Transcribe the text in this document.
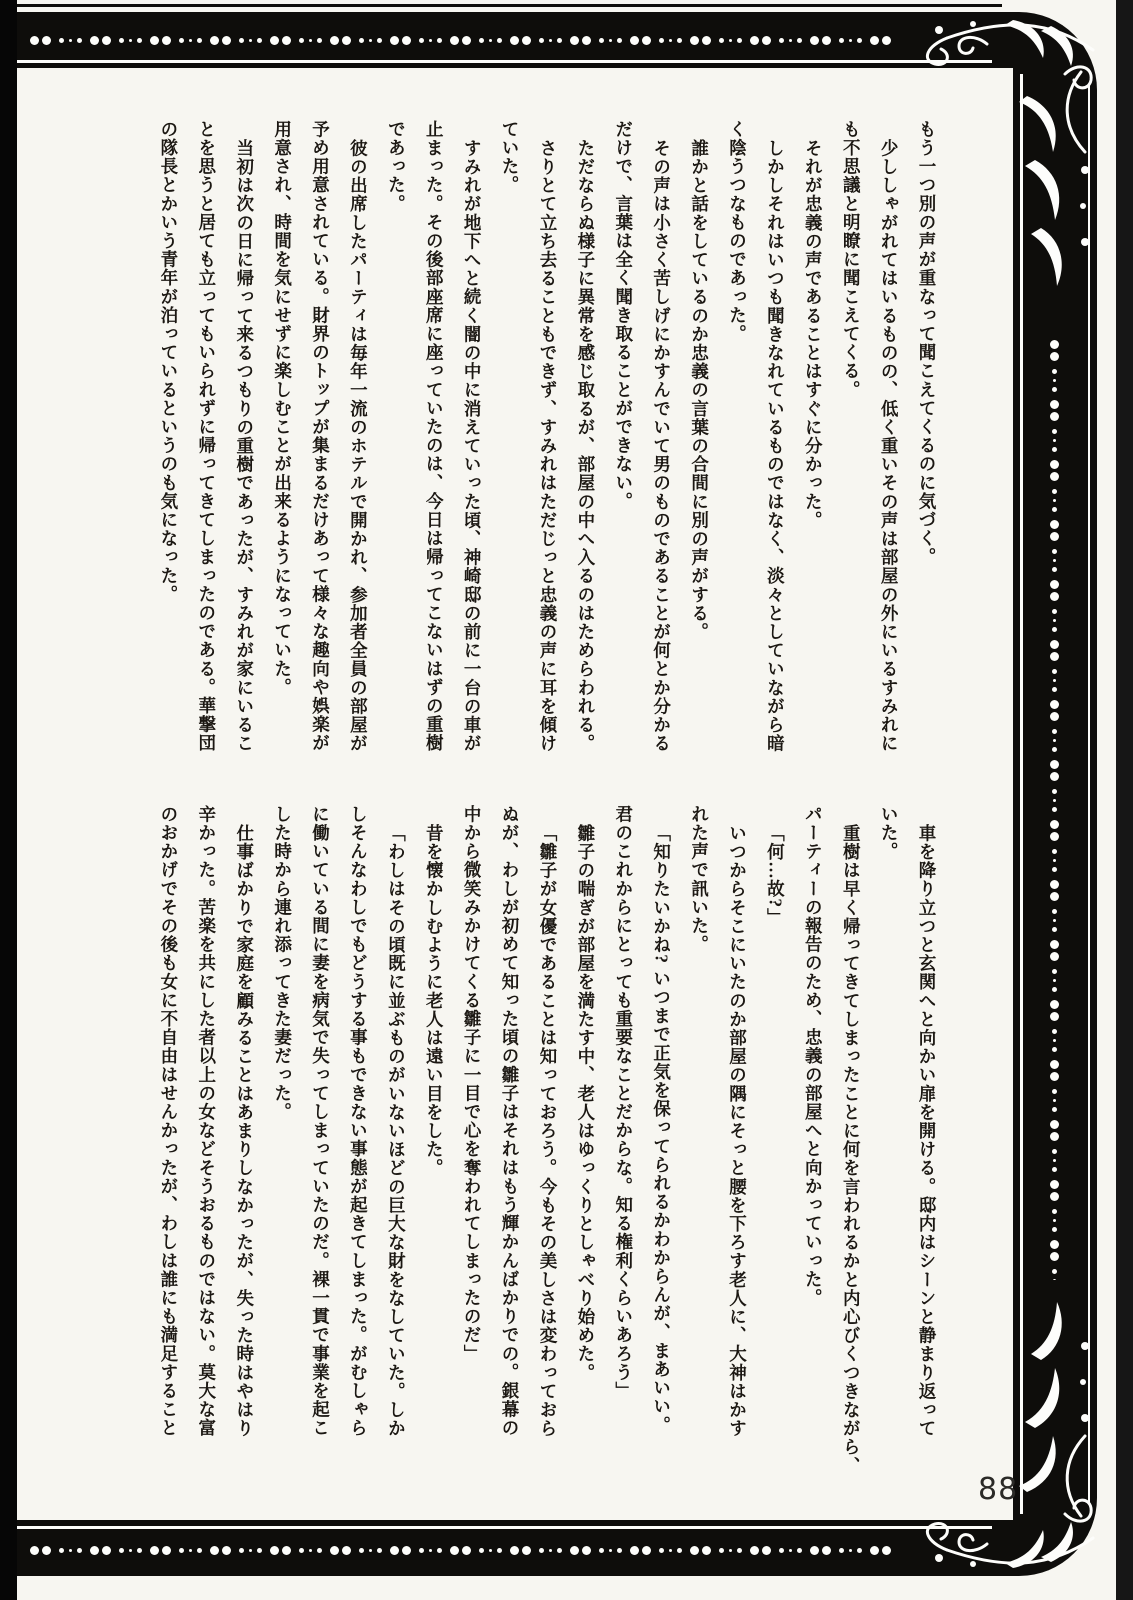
もう一つ別の声が重なって聞こえてくるのに気づく。
少ししゃがれてはいるものの、低く重いその声は部屋の外にいるすみれに
も不思議と明瞭に聞こえてくる。
それが忠義の声であることはすぐに分かった。
しかしそれはいつも聞きなれているものではなく、淡々としていながら暗
く陰うつなものであった。
誰かと話をしているのか忠義の言葉の合間に別の声がする。
その声は小さく苦しげにかすんでいて男のものであることが何とか分かる
だけで、言葉は全く聞き取ることができない。
ただならぬ様子に異常を感じ取るが、部屋の中へ入るのはためらわれる。
さりとて立ち去ることもできず、すみれはただじっと忠義の声に耳を傾け
ていた。
すみれが地下へと続く闇の中に消えていった頃、神崎邸の前に一台の車が
止まった。その後部座席に座っていたのは、今日は帰ってこないはずの重樹
であった。
彼の出席したパーティは毎年一流のホテルで開かれ、参加者全員の部屋が
予め用意されている。財界のトップが集まるだけあって様々な趣向や娯楽が
用意され、時間を気にせずに楽しむことが出来るようになっていた。
当初は次の日に帰って来るつもりの重樹であったが、すみれが家にいるこ
とを思うと居ても立ってもいられずに帰ってきてしまったのである。華撃団
の隊長とかいう青年が泊っているというのも気になった。
車を降り立つと玄関へと向かい扉を開ける。邸内はシーンと静まり返って
いた。
重樹は早く帰ってきてしまったことに何を言われるかと内心びくつきながら、
パーティーの報告のため、忠義の部屋へと向かっていった。
「何…故?」
いつからそこにいたのか部屋の隅にそっと腰を下ろす老人に、大神はかす
れた声で訊いた。
「知りたいかね? いつまで正気を保ってられるかわからんが、まあいい。
君のこれからにとっても重要なことだからな。知る権利くらいあろう」
雛子の喘ぎが部屋を満たす中、老人はゆっくりとしゃべり始めた。
「雛子が女優であることは知っておろう。今もその美しさは変わっておら
ぬが、わしが初めて知った頃の雛子はそれはもう輝かんばかりでの。銀幕の
中から微笑みかけてくる雛子に一目で心を奪われてしまったのだ」
昔を懐かしむように老人は遠い目をした。
「わしはその頃既に並ぶものがいないほどの巨大な財をなしていた。しか
しそんなわしでもどうする事もできない事態が起きてしまった。がむしゃら
に働いている間に妻を病気で失ってしまっていたのだ。裸一貫で事業を起こ
した時から連れ添ってきた妻だった。
仕事ばかりで家庭を顧みることはあまりしなかったが、失った時はやはり
辛かった。苦楽を共にした者以上の女などそうおるものではない。莫大な富
のおかげでその後も女に不自由はせんかったが、わしは誰にも満足すること
88
